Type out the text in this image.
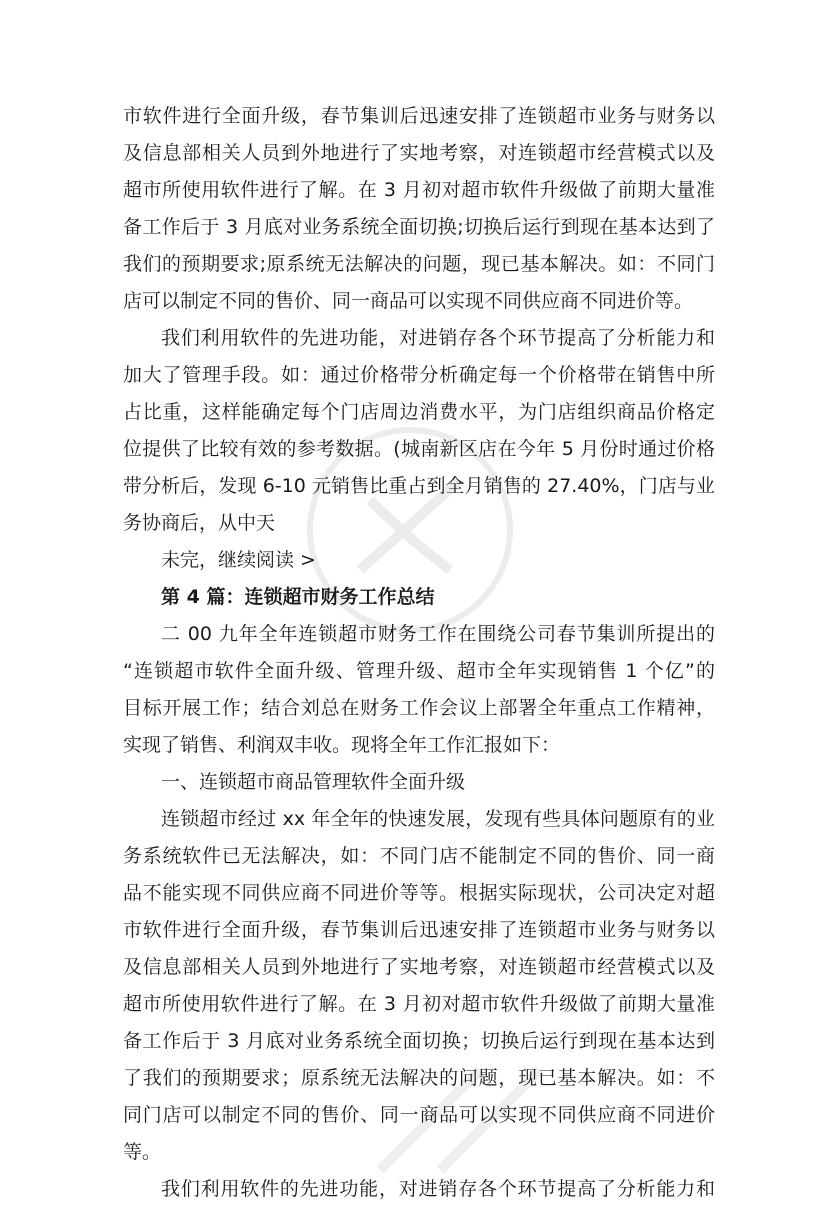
市软件进行全面升级，春节集训后迅速安排了连锁超市业务与财务以
及信息部相关人员到外地进行了实地考察，对连锁超市经营模式以及
超市所使用软件进行了解。在 3 月初对超市软件升级做了前期大量准
备工作后于 3 月底对业务系统全面切换;切换后运行到现在基本达到了
我们的预期要求;原系统无法解决的问题，现已基本解决。如：不同门
店可以制定不同的售价、同一商品可以实现不同供应商不同进价等。
我们利用软件的先进功能，对进销存各个环节提高了分析能力和
加大了管理手段。如：通过价格带分析确定每一个价格带在销售中所
占比重，这样能确定每个门店周边消费水平，为门店组织商品价格定
位提供了比较有效的参考数据。(城南新区店在今年 5 月份时通过价格
带分析后，发现 6-10 元销售比重占到全月销售的 27.40%，门店与业
务协商后，从中天
未完，继续阅读 >
第 4 篇：连锁超市财务工作总结
二 00 九年全年连锁超市财务工作在围绕公司春节集训所提出的
“连锁超市软件全面升级、管理升级、超市全年实现销售 1 个亿”的
目标开展工作；结合刘总在财务工作会议上部署全年重点工作精神，
实现了销售、利润双丰收。现将全年工作汇报如下：
一、连锁超市商品管理软件全面升级
连锁超市经过 xx 年全年的快速发展，发现有些具体问题原有的业
务系统软件已无法解决，如：不同门店不能制定不同的售价、同一商
品不能实现不同供应商不同进价等等。根据实际现状，公司决定对超
市软件进行全面升级，春节集训后迅速安排了连锁超市业务与财务以
及信息部相关人员到外地进行了实地考察，对连锁超市经营模式以及
超市所使用软件进行了解。在 3 月初对超市软件升级做了前期大量准
备工作后于 3 月底对业务系统全面切换；切换后运行到现在基本达到
了我们的预期要求；原系统无法解决的问题，现已基本解决。如：不
同门店可以制定不同的售价、同一商品可以实现不同供应商不同进价
等。
我们利用软件的先进功能，对进销存各个环节提高了分析能力和
